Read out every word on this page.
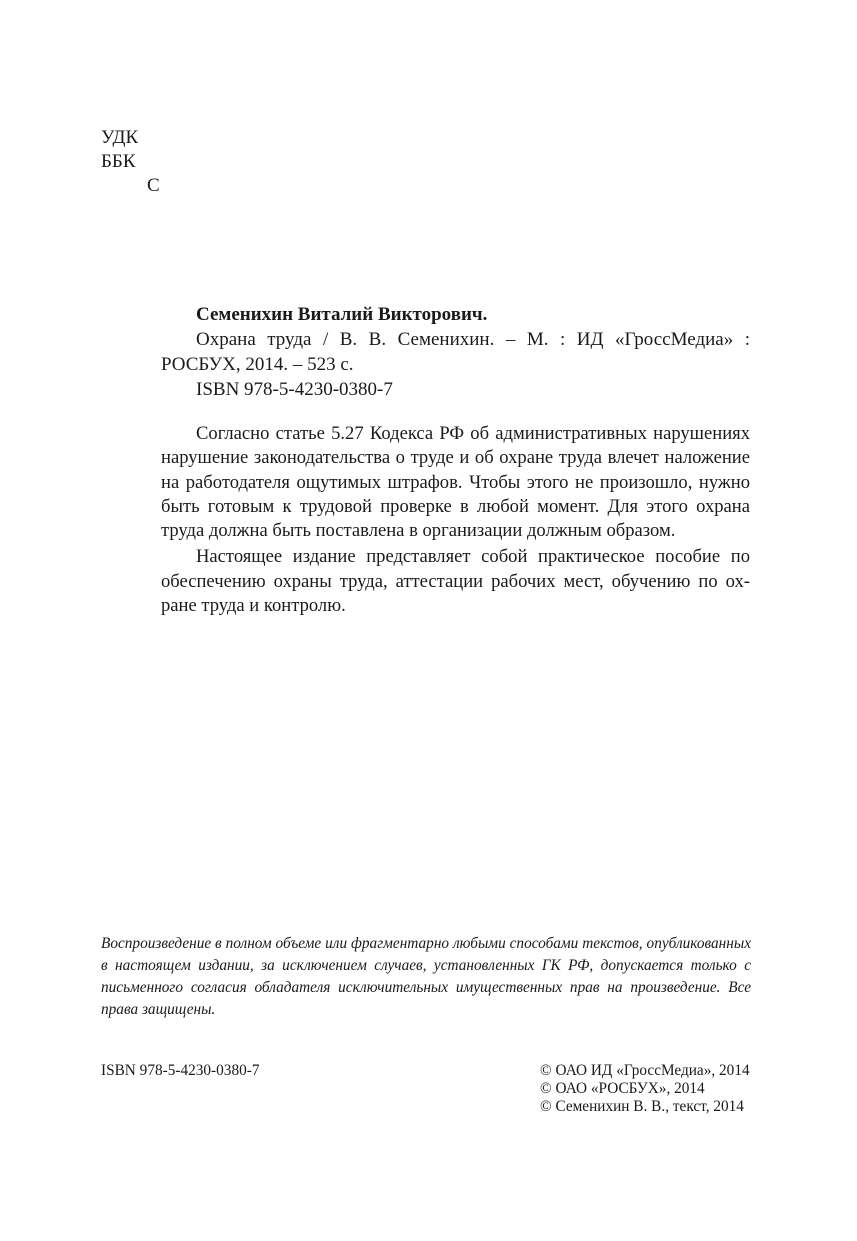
УДК
ББК
С
Семенихин Виталий Викторович.
Охрана труда / В. В. Семенихин. – М. : ИД «ГроссМедиа» : РОСБУХ, 2014. – 523 с.
ISBN 978-5-4230-0380-7

Согласно статье 5.27 Кодекса РФ об административных нарушениях нарушение законодательства о труде и об охране труда влечет наложение на работодателя ощутимых штрафов. Чтобы этого не произошло, нужно быть готовым к трудовой проверке в любой момент. Для этого охрана труда должна быть поставлена в организации должным образом.

Настоящее издание представляет собой практическое пособие по обеспечению охраны труда, аттестации рабочих мест, обучению по охране труда и контролю.

Воспроизведение в полном объеме или фрагментарно любыми способами текстов, опубликованных в настоящем издании, за исключением случаев, установленных ГК РФ, допускается только с письменного согласия обладателя исключительных имущественных прав на произведение. Все права защищены.
ISBN 978-5-4230-0380-7	© ОАО ИД «ГроссМедиа», 2014
© ОАО «РОСБУХ», 2014
© Семенихин В. В., текст, 2014
